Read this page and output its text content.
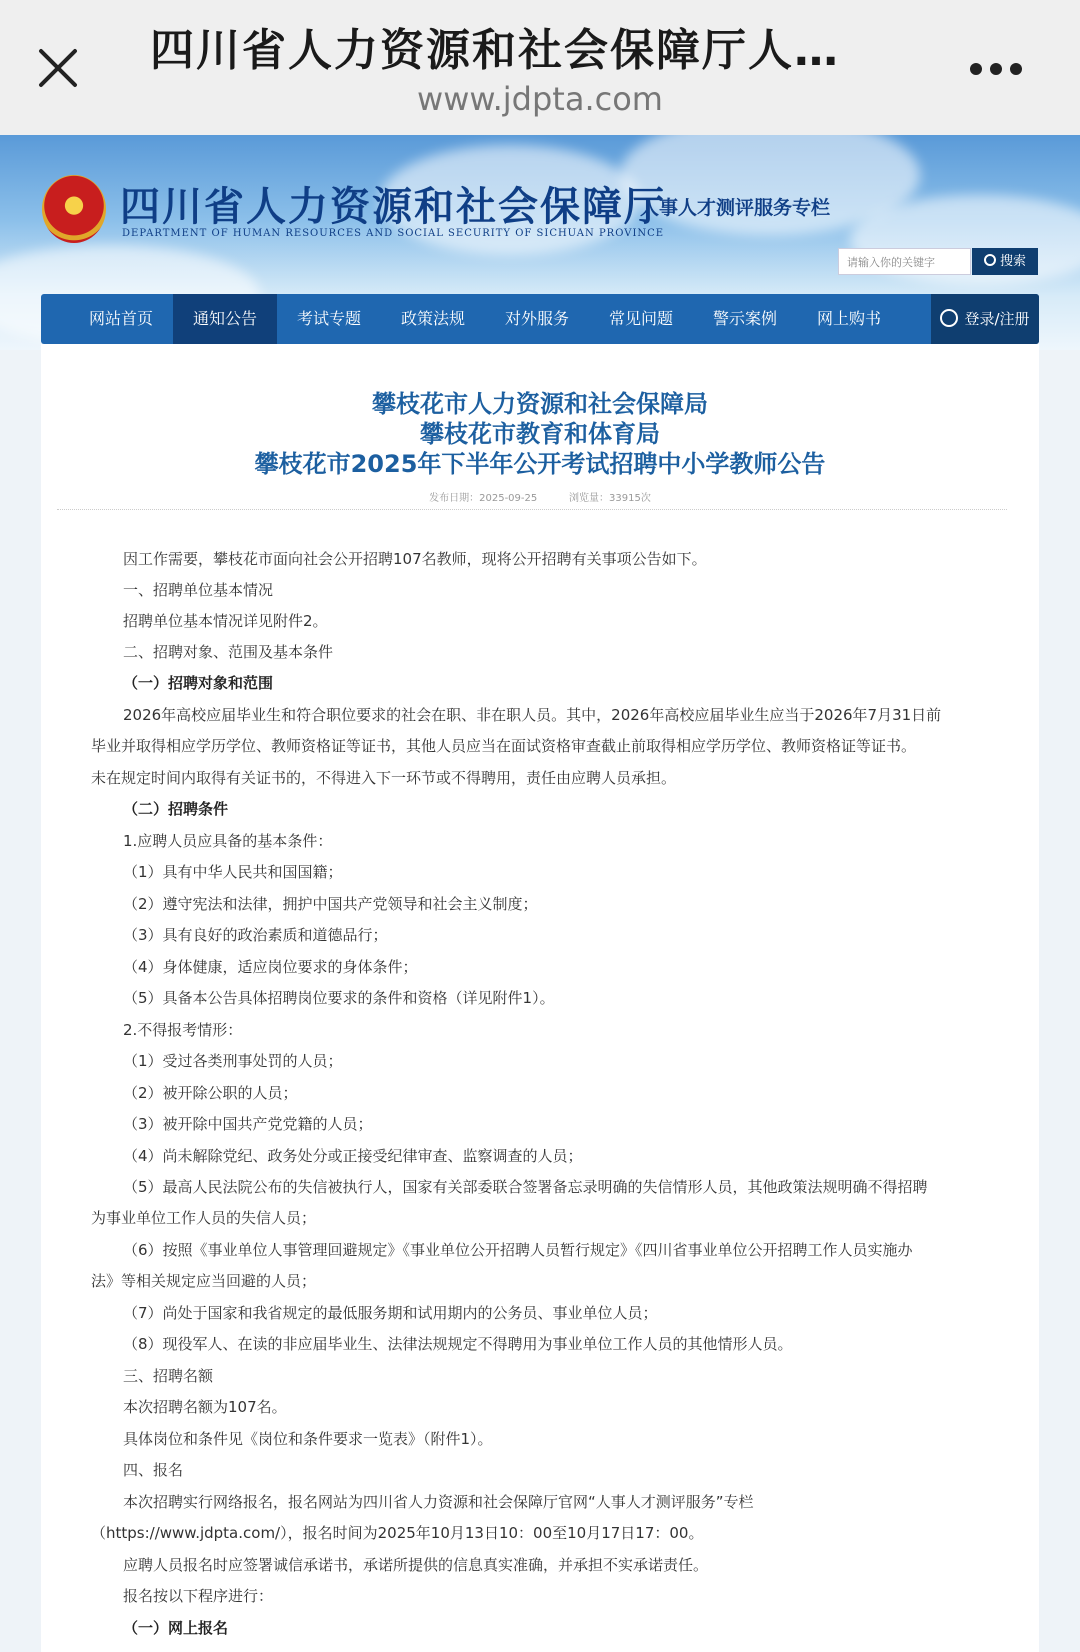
四川省人力资源和社会保障厅人…
www.jdpta.com
四川省人力资源和社会保障厅
DEPARTMENT OF HUMAN RESOURCES AND SOCIAL SECURITY OF SICHUAN PROVINCE
人事人才测评服务专栏
请输入你的关键字	搜索
网站首页	通知公告	考试专题	政策法规	对外服务	常见问题	警示案例	网上购书	登录/注册
攀枝花市人力资源和社会保障局
攀枝花市教育和体育局
攀枝花市2025年下半年公开考试招聘中小学教师公告
发布日期：2025-09-25	浏览量：33915次
因工作需要，攀枝花市面向社会公开招聘107名教师，现将公开招聘有关事项公告如下。
一、招聘单位基本情况
招聘单位基本情况详见附件2。
二、招聘对象、范围及基本条件
（一）招聘对象和范围
2026年高校应届毕业生和符合职位要求的社会在职、非在职人员。其中，2026年高校应届毕业生应当于2026年7月31日前
毕业并取得相应学历学位、教师资格证等证书，其他人员应当在面试资格审查截止前取得相应学历学位、教师资格证等证书。
未在规定时间内取得有关证书的，不得进入下一环节或不得聘用，责任由应聘人员承担。
（二）招聘条件
1.应聘人员应具备的基本条件：
（1）具有中华人民共和国国籍；
（2）遵守宪法和法律，拥护中国共产党领导和社会主义制度；
（3）具有良好的政治素质和道德品行；
（4）身体健康，适应岗位要求的身体条件；
（5）具备本公告具体招聘岗位要求的条件和资格（详见附件1）。
2.不得报考情形：
（1）受过各类刑事处罚的人员；
（2）被开除公职的人员；
（3）被开除中国共产党党籍的人员；
（4）尚未解除党纪、政务处分或正接受纪律审查、监察调查的人员；
（5）最高人民法院公布的失信被执行人，国家有关部委联合签署备忘录明确的失信情形人员，其他政策法规明确不得招聘
为事业单位工作人员的失信人员；
（6）按照《事业单位人事管理回避规定》《事业单位公开招聘人员暂行规定》《四川省事业单位公开招聘工作人员实施办
法》等相关规定应当回避的人员；
（7）尚处于国家和我省规定的最低服务期和试用期内的公务员、事业单位人员；
（8）现役军人、在读的非应届毕业生、法律法规规定不得聘用为事业单位工作人员的其他情形人员。
三、招聘名额
本次招聘名额为107名。
具体岗位和条件见《岗位和条件要求一览表》（附件1）。
四、报名
本次招聘实行网络报名，报名网站为四川省人力资源和社会保障厅官网“人事人才测评服务”专栏
（https://www.jdpta.com/），报名时间为2025年10月13日10：00至10月17日17：00。
应聘人员报名时应签署诚信承诺书，承诺所提供的信息真实准确，并承担不实承诺责任。
报名按以下程序进行：
（一）网上报名
